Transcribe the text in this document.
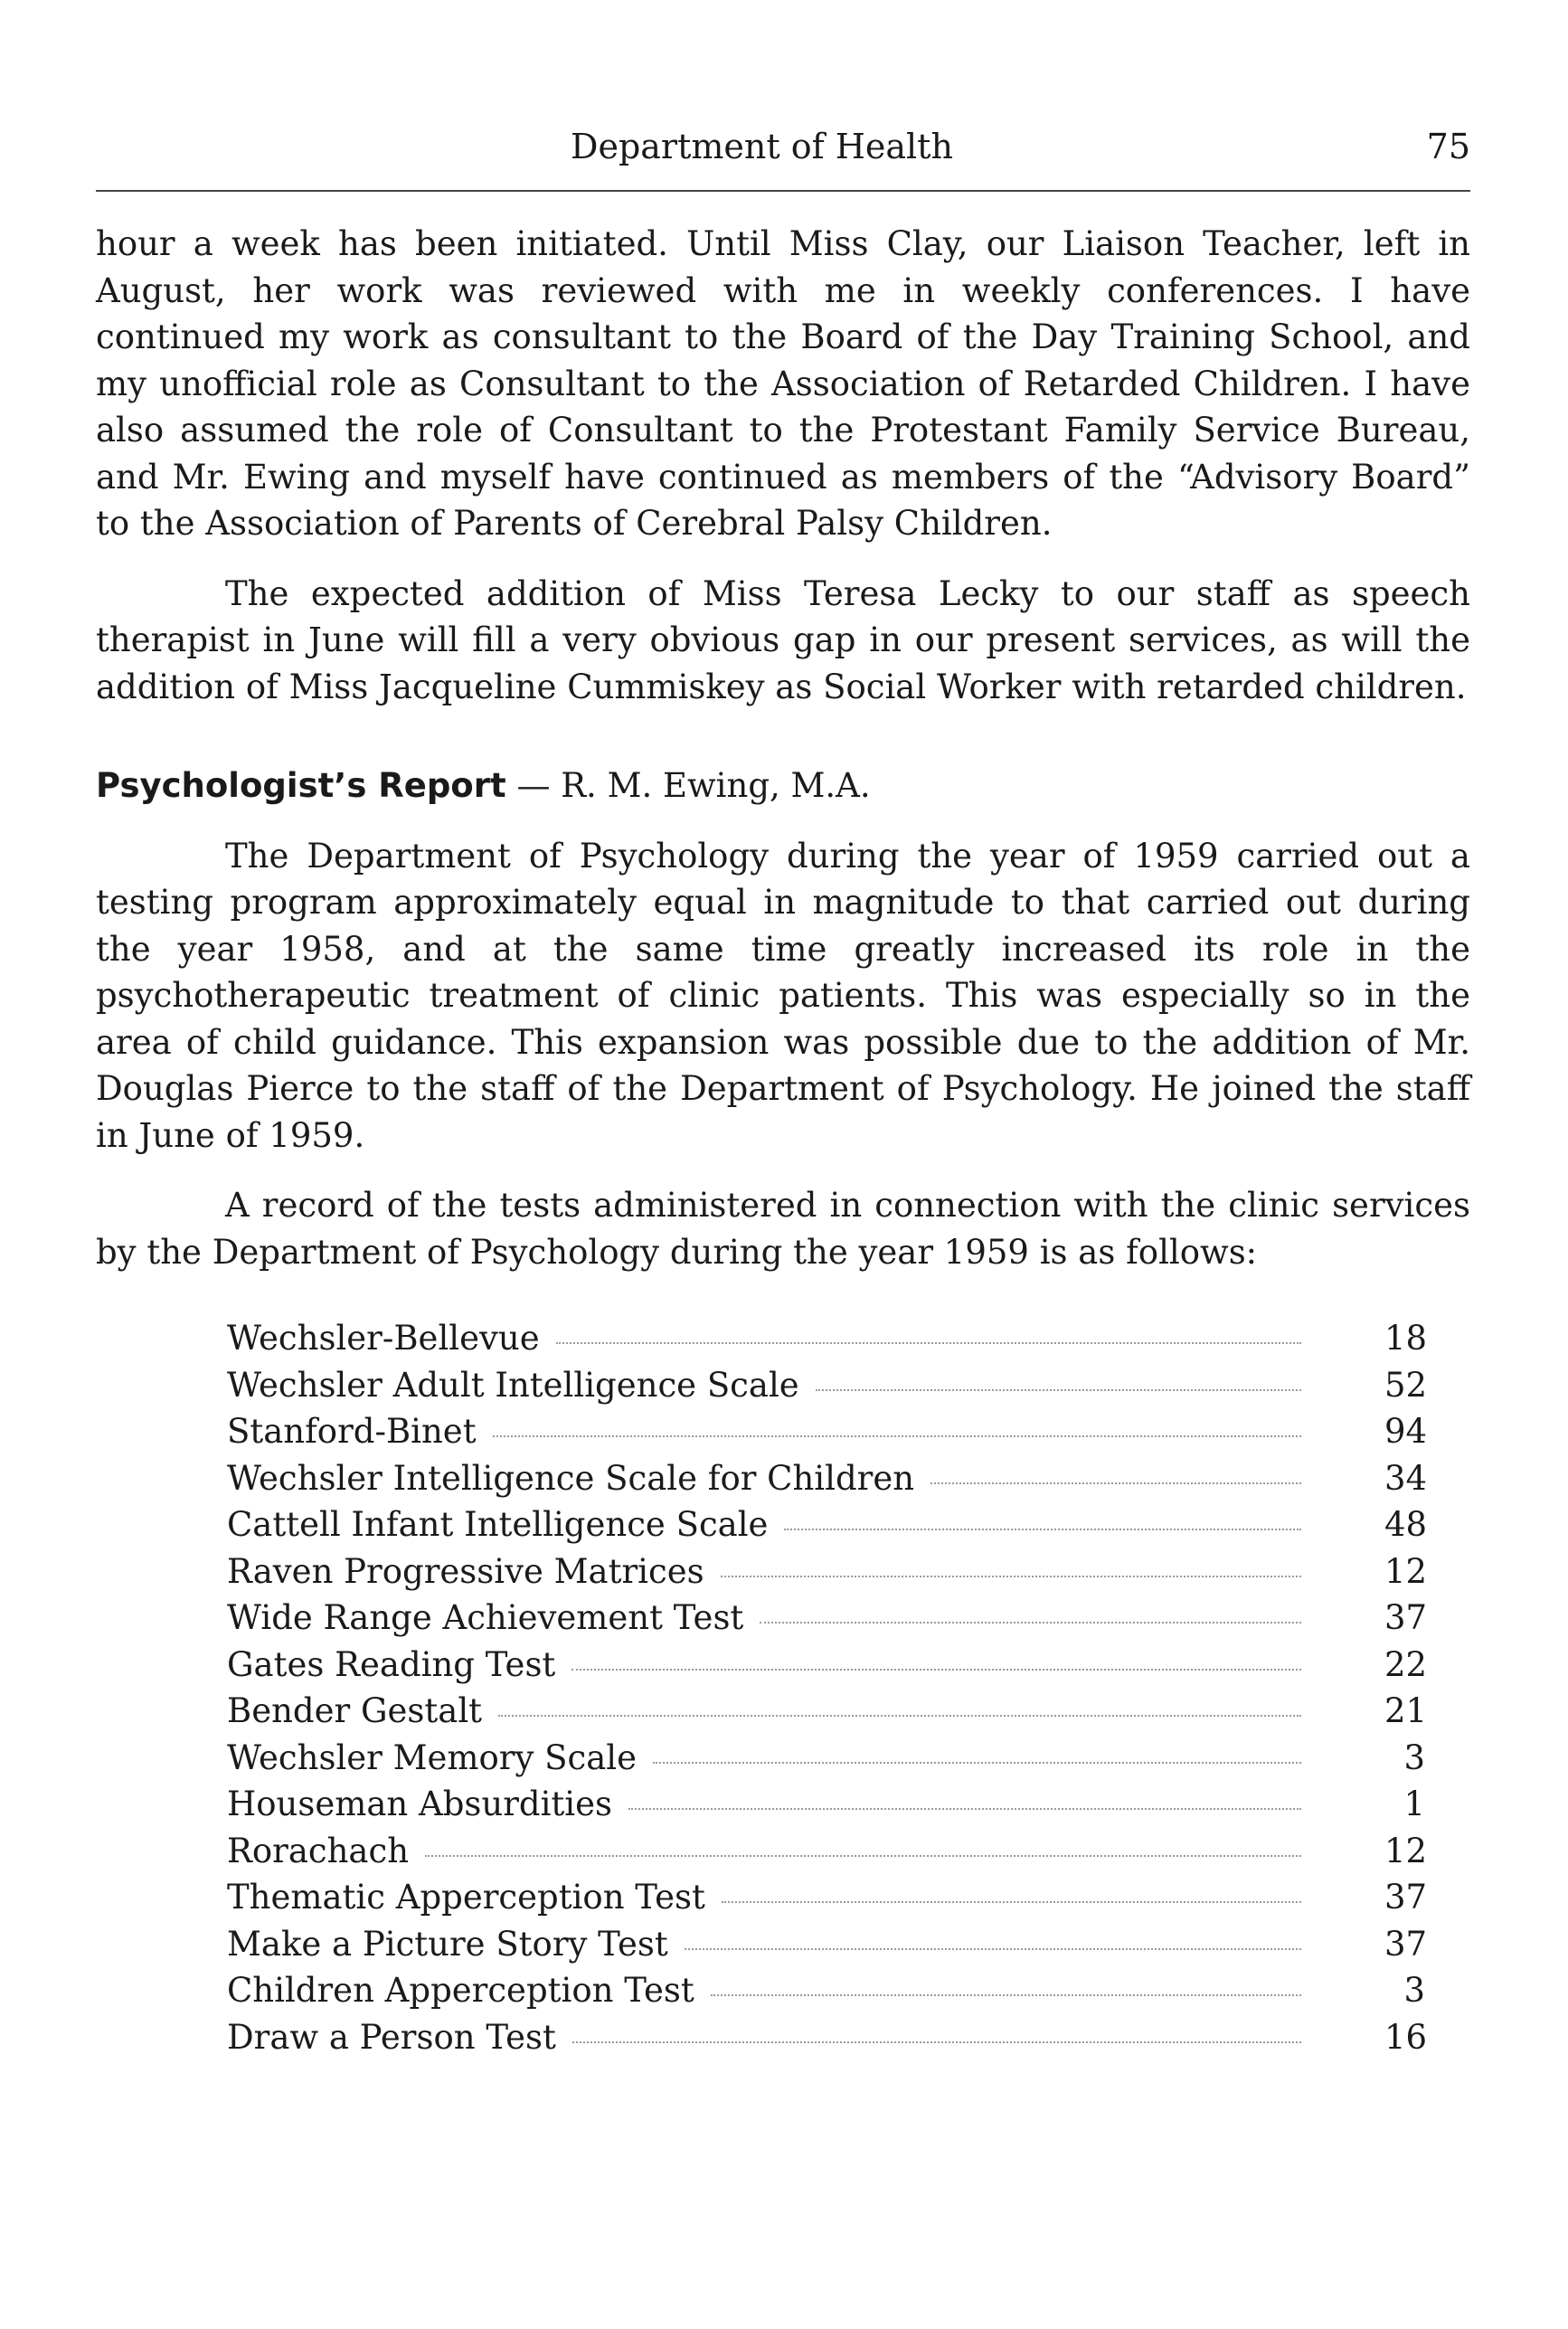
Department of Health	75

hour a week has been initiated. Until Miss Clay, our Liaison Teacher, left in August, her work was reviewed with me in weekly conferences. I have continued my work as consultant to the Board of the Day Training School, and my unofficial role as Consultant to the Association of Retarded Children. I have also assumed the role of Consultant to the Protestant Family Service Bureau, and Mr. Ewing and myself have continued as members of the “Advisory Board” to the Association of Parents of Cerebral Palsy Children.

The expected addition of Miss Teresa Lecky to our staff as speech therapist in June will fill a very obvious gap in our present services, as will the addition of Miss Jacqueline Cummiskey as Social Worker with retarded children.

Psychologist’s Report — R. M. Ewing, M.A.

The Department of Psychology during the year of 1959 carried out a testing program approximately equal in magnitude to that carried out during the year 1958, and at the same time greatly increased its role in the psychotherapeutic treatment of clinic patients. This was especially so in the area of child guidance. This expansion was possible due to the addition of Mr. Douglas Pierce to the staff of the Department of Psychology. He joined the staff in June of 1959.

A record of the tests administered in connection with the clinic services by the Department of Psychology during the year 1959 is as follows:

Wechsler-Bellevue	18
Wechsler Adult Intelligence Scale	52
Stanford-Binet	94
Wechsler Intelligence Scale for Children	34
Cattell Infant Intelligence Scale	48
Raven Progressive Matrices	12
Wide Range Achievement Test	37
Gates Reading Test	22
Bender Gestalt	21
Wechsler Memory Scale	3
Houseman Absurdities	1
Rorachach	12
Thematic Apperception Test	37
Make a Picture Story Test	37
Children Apperception Test	3
Draw a Person Test	16
